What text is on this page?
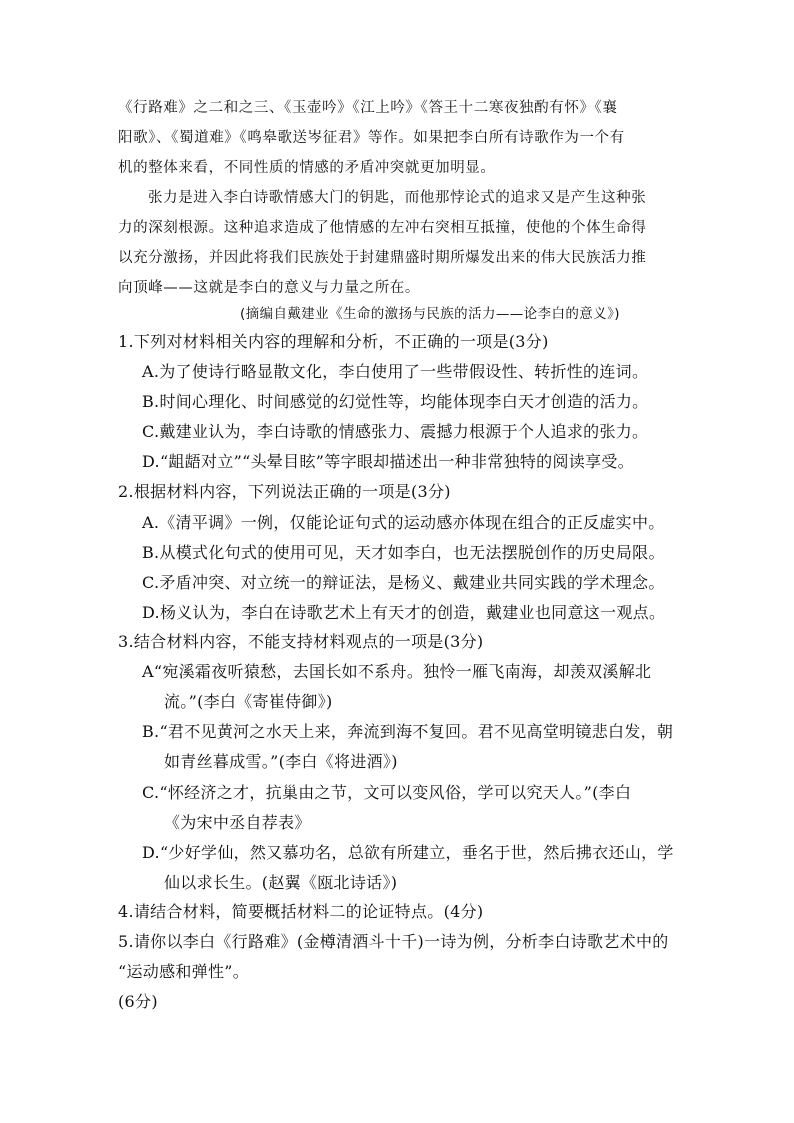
《行路难》之二和之三、《玉壶吟》《江上吟》《答王十二寒夜独酌有怀》《襄
阳歌》、《蜀道难》《鸣皋歌送岑征君》等作。如果把李白所有诗歌作为一个有
机的整体来看，不同性质的情感的矛盾冲突就更加明显。
张力是进入李白诗歌情感大门的钥匙，而他那悖论式的追求又是产生这种张
力的深刻根源。这种追求造成了他情感的左冲右突相互抵撞，使他的个体生命得
以充分激扬，并因此将我们民族处于封建鼎盛时期所爆发出来的伟大民族活力推
向顶峰——这就是李白的意义与力量之所在。
(摘编自戴建业《生命的激扬与民族的活力——论李白的意义》)
1.下列对材料相关内容的理解和分析，不正确的一项是(3分)
A.为了使诗行略显散文化，李白使用了一些带假设性、转折性的连词。
B.时间心理化、时间感觉的幻觉性等，均能体现李白天才创造的活力。
C.戴建业认为，李白诗歌的情感张力、震撼力根源于个人追求的张力。
D.“龃龉对立”“头晕目眩”等字眼却描述出一种非常独特的阅读享受。
2.根据材料内容，下列说法正确的一项是(3分)
A.《清平调》一例，仅能论证句式的运动感亦体现在组合的正反虚实中。
B.从模式化句式的使用可见，天才如李白，也无法摆脱创作的历史局限。
C.矛盾冲突、对立统一的辩证法，是杨义、戴建业共同实践的学术理念。
D.杨义认为，李白在诗歌艺术上有天才的创造，戴建业也同意这一观点。
3.结合材料内容，不能支持材料观点的一项是(3分)
A“宛溪霜夜听猿愁，去国长如不系舟。独怜一雁飞南海，却羡双溪解北
流。”(李白《寄崔侍御》)
B.“君不见黄河之水天上来，奔流到海不复回。君不见高堂明镜悲白发，朝
如青丝暮成雪。”(李白《将进酒》)
C.“怀经济之才，抗巢由之节，文可以变风俗，学可以究天人。”(李白
《为宋中丞自荐表》
D.“少好学仙，然又慕功名，总欲有所建立，垂名于世，然后拂衣还山，学
仙以求长生。(赵翼《瓯北诗话》)
4.请结合材料，简要概括材料二的论证特点。(4分)
5.请你以李白《行路难》(金樽清酒斗十千)一诗为例，分析李白诗歌艺术中的
“运动感和弹性”。
(6分)
